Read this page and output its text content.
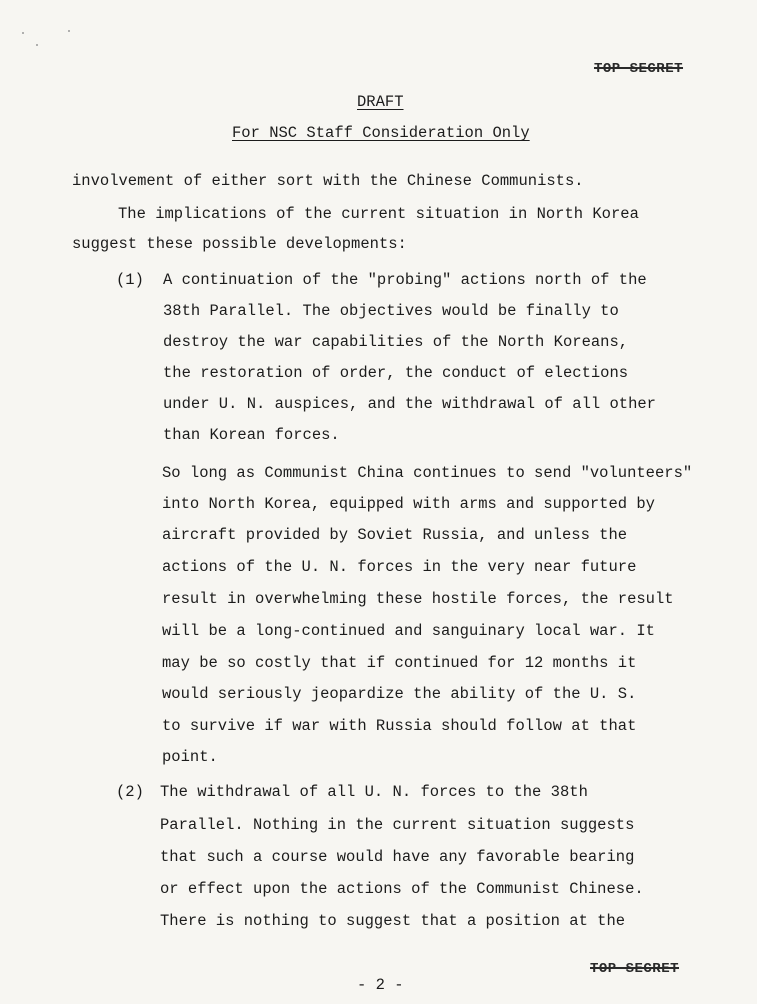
TOP SECRET
DRAFT
For NSC Staff Consideration Only
involvement of either sort with the Chinese Communists.
The implications of the current situation in North Korea
suggest these possible developments:
(1) A continuation of the "probing" actions north of the
38th Parallel. The objectives would be finally to
destroy the war capabilities of the North Koreans,
the restoration of order, the conduct of elections
under U. N. auspices, and the withdrawal of all other
than Korean forces.
So long as Communist China continues to send "volunteers"
into North Korea, equipped with arms and supported by
aircraft provided by Soviet Russia, and unless the
actions of the U. N. forces in the very near future
result in overwhelming these hostile forces, the result
will be a long-continued and sanguinary local war. It
may be so costly that if continued for 12 months it
would seriously jeopardize the ability of the U. S.
to survive if war with Russia should follow at that
point.
(2) The withdrawal of all U. N. forces to the 38th
Parallel. Nothing in the current situation suggests
that such a course would have any favorable bearing
or effect upon the actions of the Communist Chinese.
There is nothing to suggest that a position at the
- 2 -
TOP SECRET
